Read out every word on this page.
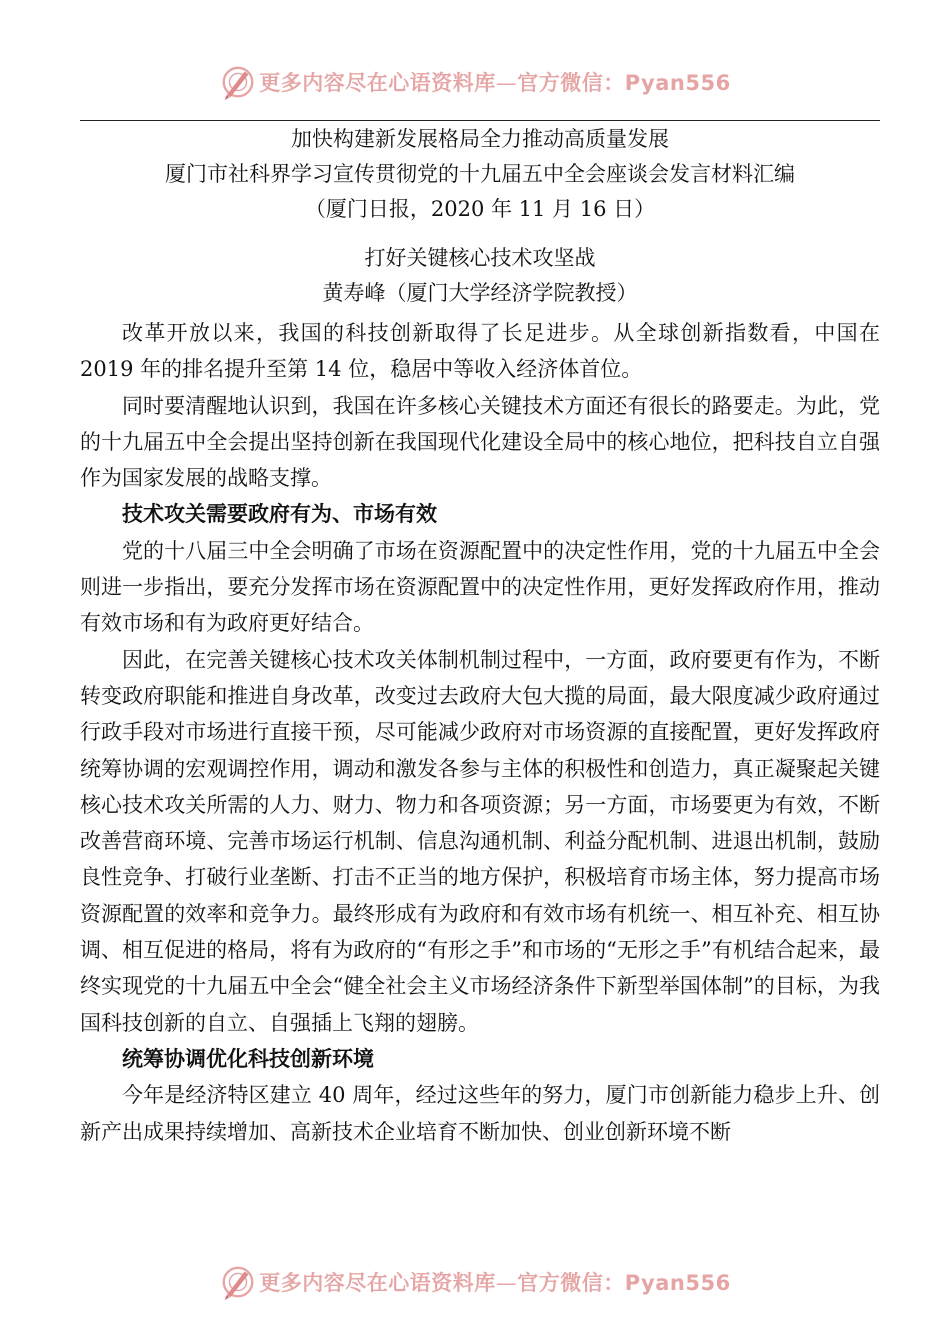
更多内容尽在心语资料库—官方微信：Pyan556

加快构建新发展格局全力推动高质量发展

厦门市社科界学习宣传贯彻党的十九届五中全会座谈会发言材料汇编

（厦门日报，2020 年 11 月 16 日）

打好关键核心技术攻坚战

黄寿峰（厦门大学经济学院教授）

改革开放以来，我国的科技创新取得了长足进步。从全球创新指数看，中国在 2019 年的排名提升至第 14 位，稳居中等收入经济体首位。

同时要清醒地认识到，我国在许多核心关键技术方面还有很长的路要走。为此，党的十九届五中全会提出坚持创新在我国现代化建设全局中的核心地位，把科技自立自强作为国家发展的战略支撑。

技术攻关需要政府有为、市场有效

党的十八届三中全会明确了市场在资源配置中的决定性作用，党的十九届五中全会则进一步指出，要充分发挥市场在资源配置中的决定性作用，更好发挥政府作用，推动有效市场和有为政府更好结合。

因此，在完善关键核心技术攻关体制机制过程中，一方面，政府要更有作为，不断转变政府职能和推进自身改革，改变过去政府大包大揽的局面，最大限度减少政府通过行政手段对市场进行直接干预，尽可能减少政府对市场资源的直接配置，更好发挥政府统筹协调的宏观调控作用，调动和激发各参与主体的积极性和创造力，真正凝聚起关键核心技术攻关所需的人力、财力、物力和各项资源；另一方面，市场要更为有效，不断改善营商环境、完善市场运行机制、信息沟通机制、利益分配机制、进退出机制，鼓励良性竞争、打破行业垄断、打击不正当的地方保护，积极培育市场主体，努力提高市场资源配置的效率和竞争力。最终形成有为政府和有效市场有机统一、相互补充、相互协调、相互促进的格局，将有为政府的“有形之手”和市场的“无形之手”有机结合起来，最终实现党的十九届五中全会“健全社会主义市场经济条件下新型举国体制”的目标，为我国科技创新的自立、自强插上飞翔的翅膀。

统筹协调优化科技创新环境

今年是经济特区建立 40 周年，经过这些年的努力，厦门市创新能力稳步上升、创新产出成果持续增加、高新技术企业培育不断加快、创业创新环境不断

更多内容尽在心语资料库—官方微信：Pyan556
